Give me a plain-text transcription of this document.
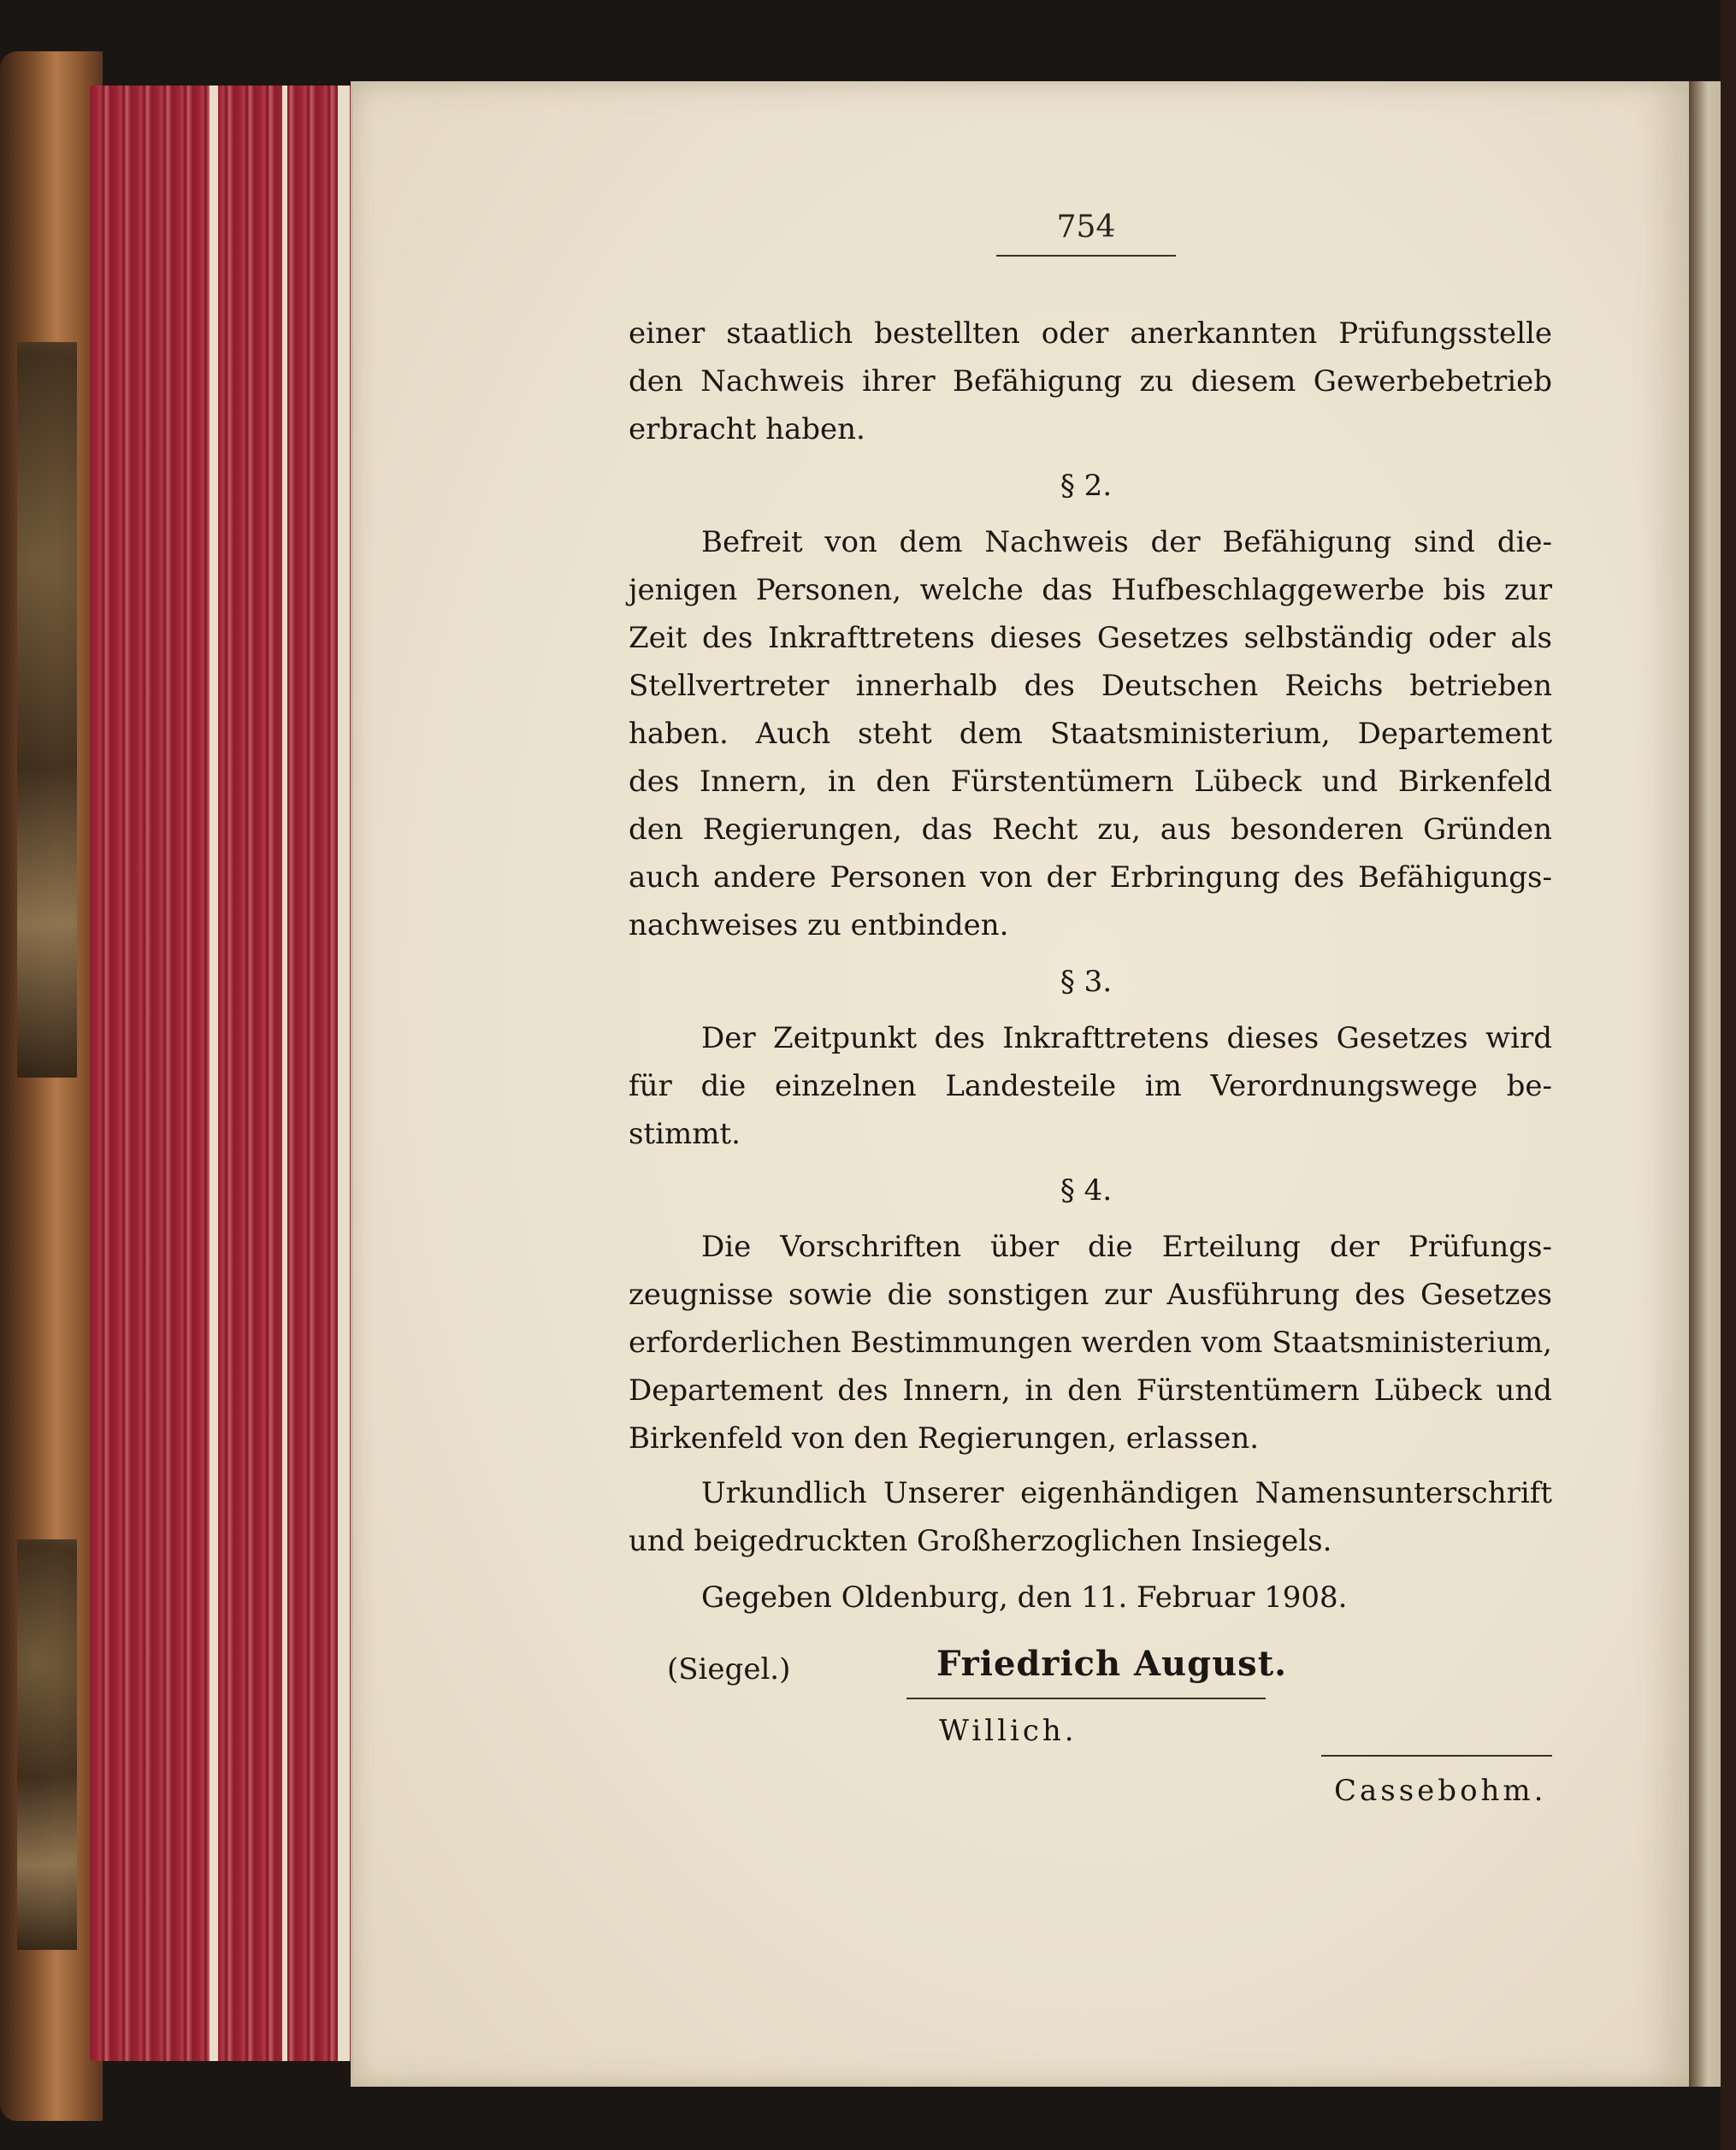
754
einer staatlich bestellten oder anerkannten Prüfungsstelle
den Nachweis ihrer Befähigung zu diesem Gewerbebetrieb
erbracht haben.
§ 2.
Befreit von dem Nachweis der Befähigung sind die-
jenigen Personen, welche das Hufbeschlaggewerbe bis zur
Zeit des Inkrafttretens dieses Gesetzes selbständig oder als
Stellvertreter innerhalb des Deutschen Reichs betrieben
haben. Auch steht dem Staatsministerium, Departement
des Innern, in den Fürstentümern Lübeck und Birkenfeld
den Regierungen, das Recht zu, aus besonderen Gründen
auch andere Personen von der Erbringung des Befähigungs-
nachweises zu entbinden.
§ 3.
Der Zeitpunkt des Inkrafttretens dieses Gesetzes wird
für die einzelnen Landesteile im Verordnungswege be-
stimmt.
§ 4.
Die Vorschriften über die Erteilung der Prüfungs-
zeugnisse sowie die sonstigen zur Ausführung des Gesetzes
erforderlichen Bestimmungen werden vom Staatsministerium,
Departement des Innern, in den Fürstentümern Lübeck und
Birkenfeld von den Regierungen, erlassen.
Urkundlich Unserer eigenhändigen Namensunterschrift
und beigedruckten Großherzoglichen Insiegels.
Gegeben Oldenburg, den 11. Februar 1908.
(Siegel.)	Friedrich August.
Willich.
Cassebohm.
